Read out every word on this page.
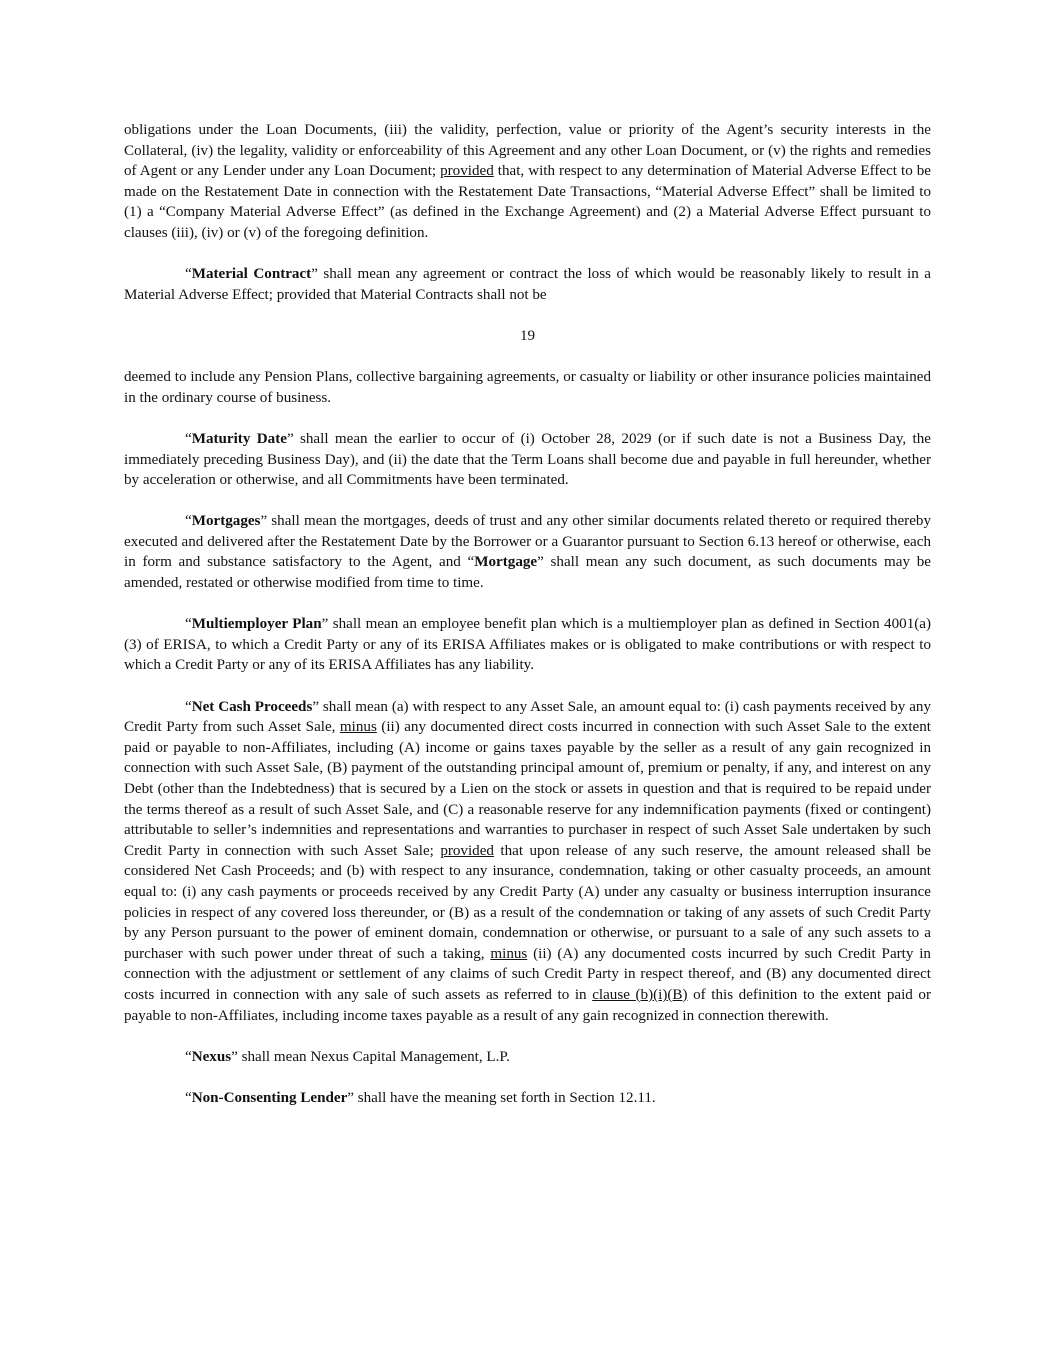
obligations under the Loan Documents, (iii) the validity, perfection, value or priority of the Agent’s security interests in the Collateral, (iv) the legality, validity or enforceability of this Agreement and any other Loan Document, or (v) the rights and remedies of Agent or any Lender under any Loan Document; provided that, with respect to any determination of Material Adverse Effect to be made on the Restatement Date in connection with the Restatement Date Transactions, “Material Adverse Effect” shall be limited to (1) a “Company Material Adverse Effect” (as defined in the Exchange Agreement) and (2) a Material Adverse Effect pursuant to clauses (iii), (iv) or (v) of the foregoing definition.

“Material Contract” shall mean any agreement or contract the loss of which would be reasonably likely to result in a Material Adverse Effect; provided that Material Contracts shall not be

19

deemed to include any Pension Plans, collective bargaining agreements, or casualty or liability or other insurance policies maintained in the ordinary course of business.

“Maturity Date” shall mean the earlier to occur of (i) October 28, 2029 (or if such date is not a Business Day, the immediately preceding Business Day), and (ii) the date that the Term Loans shall become due and payable in full hereunder, whether by acceleration or otherwise, and all Commitments have been terminated.

“Mortgages” shall mean the mortgages, deeds of trust and any other similar documents related thereto or required thereby executed and delivered after the Restatement Date by the Borrower or a Guarantor pursuant to Section 6.13 hereof or otherwise, each in form and substance satisfactory to the Agent, and “Mortgage” shall mean any such document, as such documents may be amended, restated or otherwise modified from time to time.

“Multiemployer Plan” shall mean an employee benefit plan which is a multiemployer plan as defined in Section 4001(a)(3) of ERISA, to which a Credit Party or any of its ERISA Affiliates makes or is obligated to make contributions or with respect to which a Credit Party or any of its ERISA Affiliates has any liability.

“Net Cash Proceeds” shall mean (a) with respect to any Asset Sale, an amount equal to: (i) cash payments received by any Credit Party from such Asset Sale, minus (ii) any documented direct costs incurred in connection with such Asset Sale to the extent paid or payable to non-Affiliates, including (A) income or gains taxes payable by the seller as a result of any gain recognized in connection with such Asset Sale, (B) payment of the outstanding principal amount of, premium or penalty, if any, and interest on any Debt (other than the Indebtedness) that is secured by a Lien on the stock or assets in question and that is required to be repaid under the terms thereof as a result of such Asset Sale, and (C) a reasonable reserve for any indemnification payments (fixed or contingent) attributable to seller’s indemnities and representations and warranties to purchaser in respect of such Asset Sale undertaken by such Credit Party in connection with such Asset Sale; provided that upon release of any such reserve, the amount released shall be considered Net Cash Proceeds; and (b) with respect to any insurance, condemnation, taking or other casualty proceeds, an amount equal to: (i) any cash payments or proceeds received by any Credit Party (A) under any casualty or business interruption insurance policies in respect of any covered loss thereunder, or (B) as a result of the condemnation or taking of any assets of such Credit Party by any Person pursuant to the power of eminent domain, condemnation or otherwise, or pursuant to a sale of any such assets to a purchaser with such power under threat of such a taking, minus (ii) (A) any documented costs incurred by such Credit Party in connection with the adjustment or settlement of any claims of such Credit Party in respect thereof, and (B) any documented direct costs incurred in connection with any sale of such assets as referred to in clause (b)(i)(B) of this definition to the extent paid or payable to non-Affiliates, including income taxes payable as a result of any gain recognized in connection therewith.

“Nexus” shall mean Nexus Capital Management, L.P.

“Non-Consenting Lender” shall have the meaning set forth in Section 12.11.
